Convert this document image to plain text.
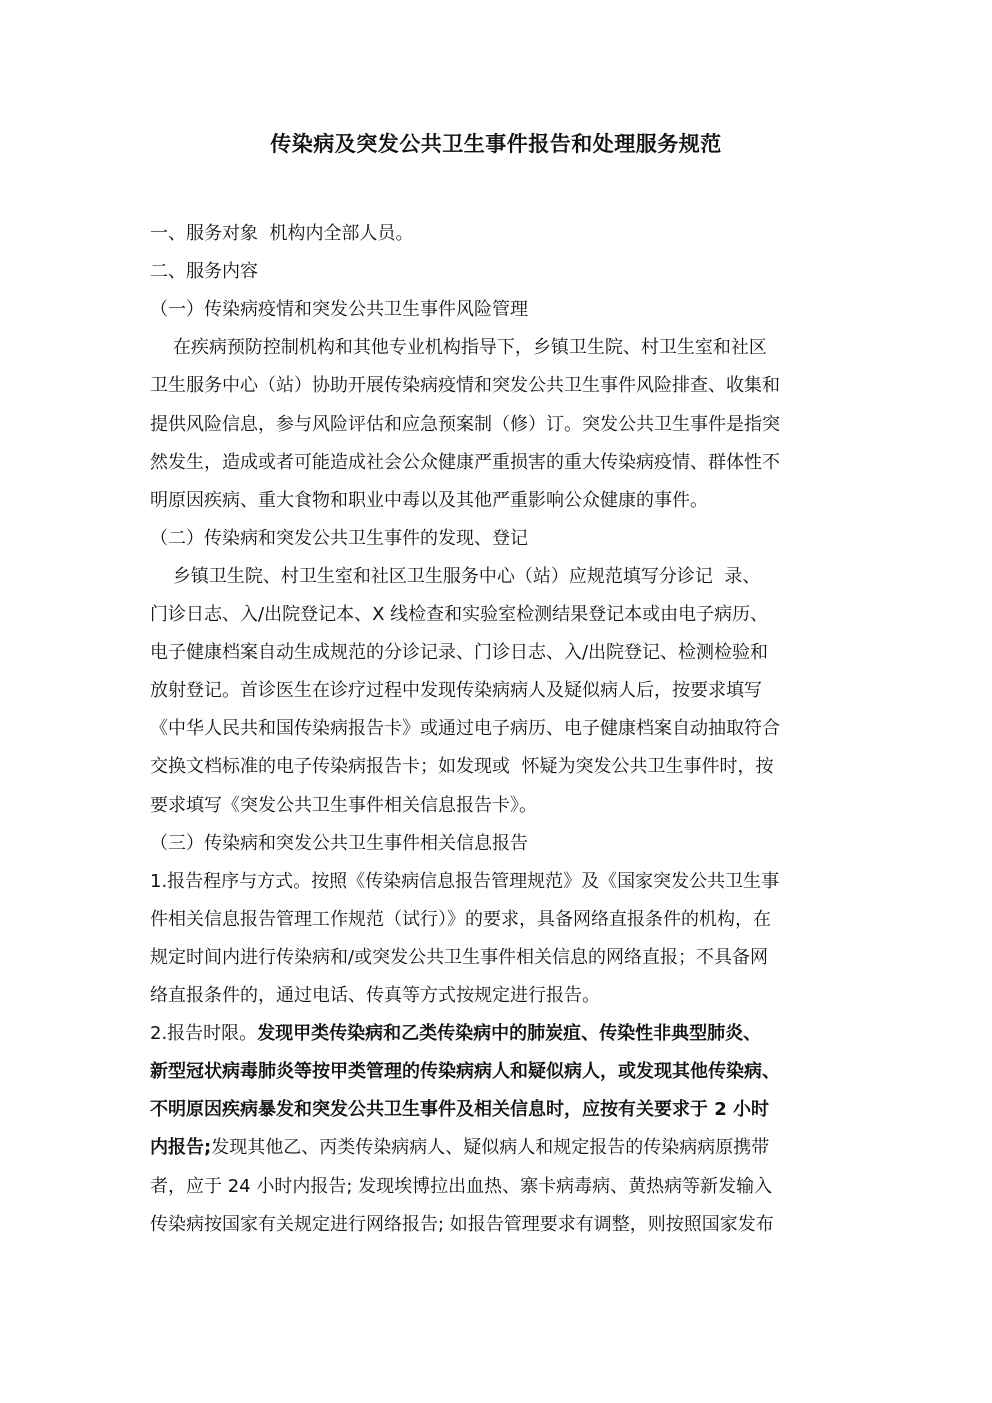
传染病及突发公共卫生事件报告和处理服务规范
一、服务对象  机构内全部人员。
二、服务内容
（一）传染病疫情和突发公共卫生事件风险管理
在疾病预防控制机构和其他专业机构指导下，乡镇卫生院、村卫生室和社区
卫生服务中心（站）协助开展传染病疫情和突发公共卫生事件风险排查、收集和
提供风险信息，参与风险评估和应急预案制（修）订。突发公共卫生事件是指突
然发生，造成或者可能造成社会公众健康严重损害的重大传染病疫情、群体性不
明原因疾病、重大食物和职业中毒以及其他严重影响公众健康的事件。
（二）传染病和突发公共卫生事件的发现、登记
乡镇卫生院、村卫生室和社区卫生服务中心（站）应规范填写分诊记  录、
门诊日志、入/出院登记本、X 线检查和实验室检测结果登记本或由电子病历、
电子健康档案自动生成规范的分诊记录、门诊日志、入/出院登记、检测检验和
放射登记。首诊医生在诊疗过程中发现传染病病人及疑似病人后，按要求填写
《中华人民共和国传染病报告卡》或通过电子病历、电子健康档案自动抽取符合
交换文档标准的电子传染病报告卡；如发现或  怀疑为突发公共卫生事件时，按
要求填写《突发公共卫生事件相关信息报告卡》。
（三）传染病和突发公共卫生事件相关信息报告
1.报告程序与方式。按照《传染病信息报告管理规范》及《国家突发公共卫生事
件相关信息报告管理工作规范（试行）》的要求，具备网络直报条件的机构，在
规定时间内进行传染病和/或突发公共卫生事件相关信息的网络直报；不具备网
络直报条件的，通过电话、传真等方式按规定进行报告。
2.报告时限。发现甲类传染病和乙类传染病中的肺炭疽、传染性非典型肺炎、
新型冠状病毒肺炎等按甲类管理的传染病病人和疑似病人，或发现其他传染病、
不明原因疾病暴发和突发公共卫生事件及相关信息时，应按有关要求于 2 小时
内报告;发现其他乙、丙类传染病病人、疑似病人和规定报告的传染病病原携带
者，应于 24 小时内报告; 发现埃博拉出血热、寨卡病毒病、黄热病等新发输入
传染病按国家有关规定进行网络报告; 如报告管理要求有调整，则按照国家发布
